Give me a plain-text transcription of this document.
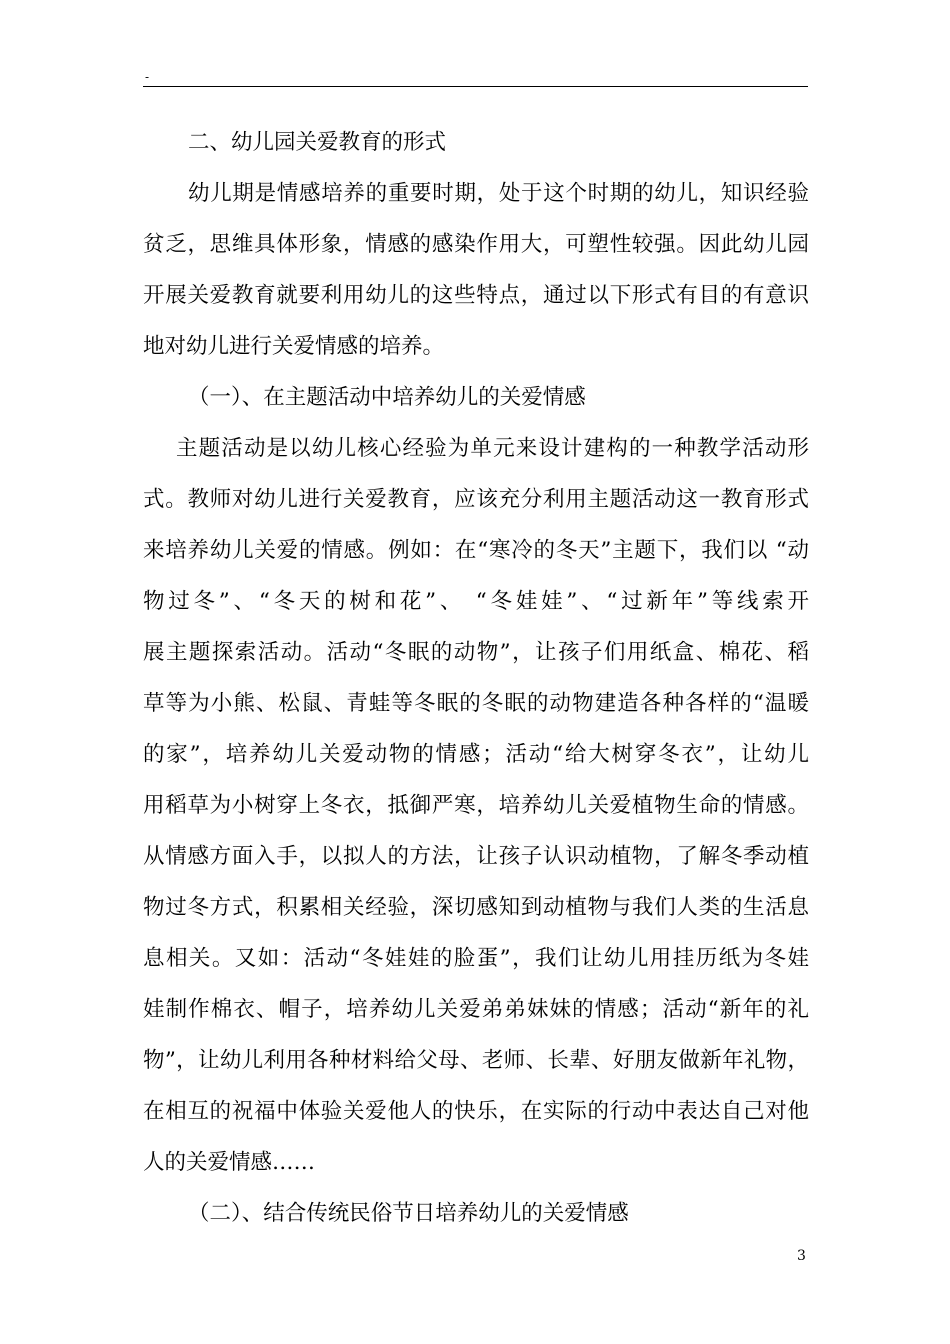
-
二、幼儿园关爱教育的形式
幼儿期是情感培养的重要时期，处于这个时期的幼儿，知识经验
贫乏，思维具体形象，情感的感染作用大，可塑性较强。因此幼儿园
开展关爱教育就要利用幼儿的这些特点，通过以下形式有目的有意识
地对幼儿进行关爱情感的培养。
（一）、在主题活动中培养幼儿的关爱情感
主题活动是以幼儿核心经验为单元来设计建构的一种教学活动形
式。教师对幼儿进行关爱教育，应该充分利用主题活动这一教育形式
来培养幼儿关爱的情感。例如：在“寒冷的冬天”主题下，我们以 “动
物过冬”、“冬天的树和花”、 “冬娃娃”、“过新年”等线索开
展主题探索活动。活动“冬眠的动物”，让孩子们用纸盒、棉花、稻
草等为小熊、松鼠、青蛙等冬眠的冬眠的动物建造各种各样的“温暖
的家”，培养幼儿关爱动物的情感；活动“给大树穿冬衣”，让幼儿
用稻草为小树穿上冬衣，抵御严寒，培养幼儿关爱植物生命的情感。
从情感方面入手，以拟人的方法，让孩子认识动植物，了解冬季动植
物过冬方式，积累相关经验，深切感知到动植物与我们人类的生活息
息相关。又如：活动“冬娃娃的脸蛋”，我们让幼儿用挂历纸为冬娃
娃制作棉衣、帽子，培养幼儿关爱弟弟妹妹的情感；活动“新年的礼
物”，让幼儿利用各种材料给父母、老师、长辈、好朋友做新年礼物，
在相互的祝福中体验关爱他人的快乐，在实际的行动中表达自己对他
人的关爱情感……
（二）、结合传统民俗节日培养幼儿的关爱情感
3
